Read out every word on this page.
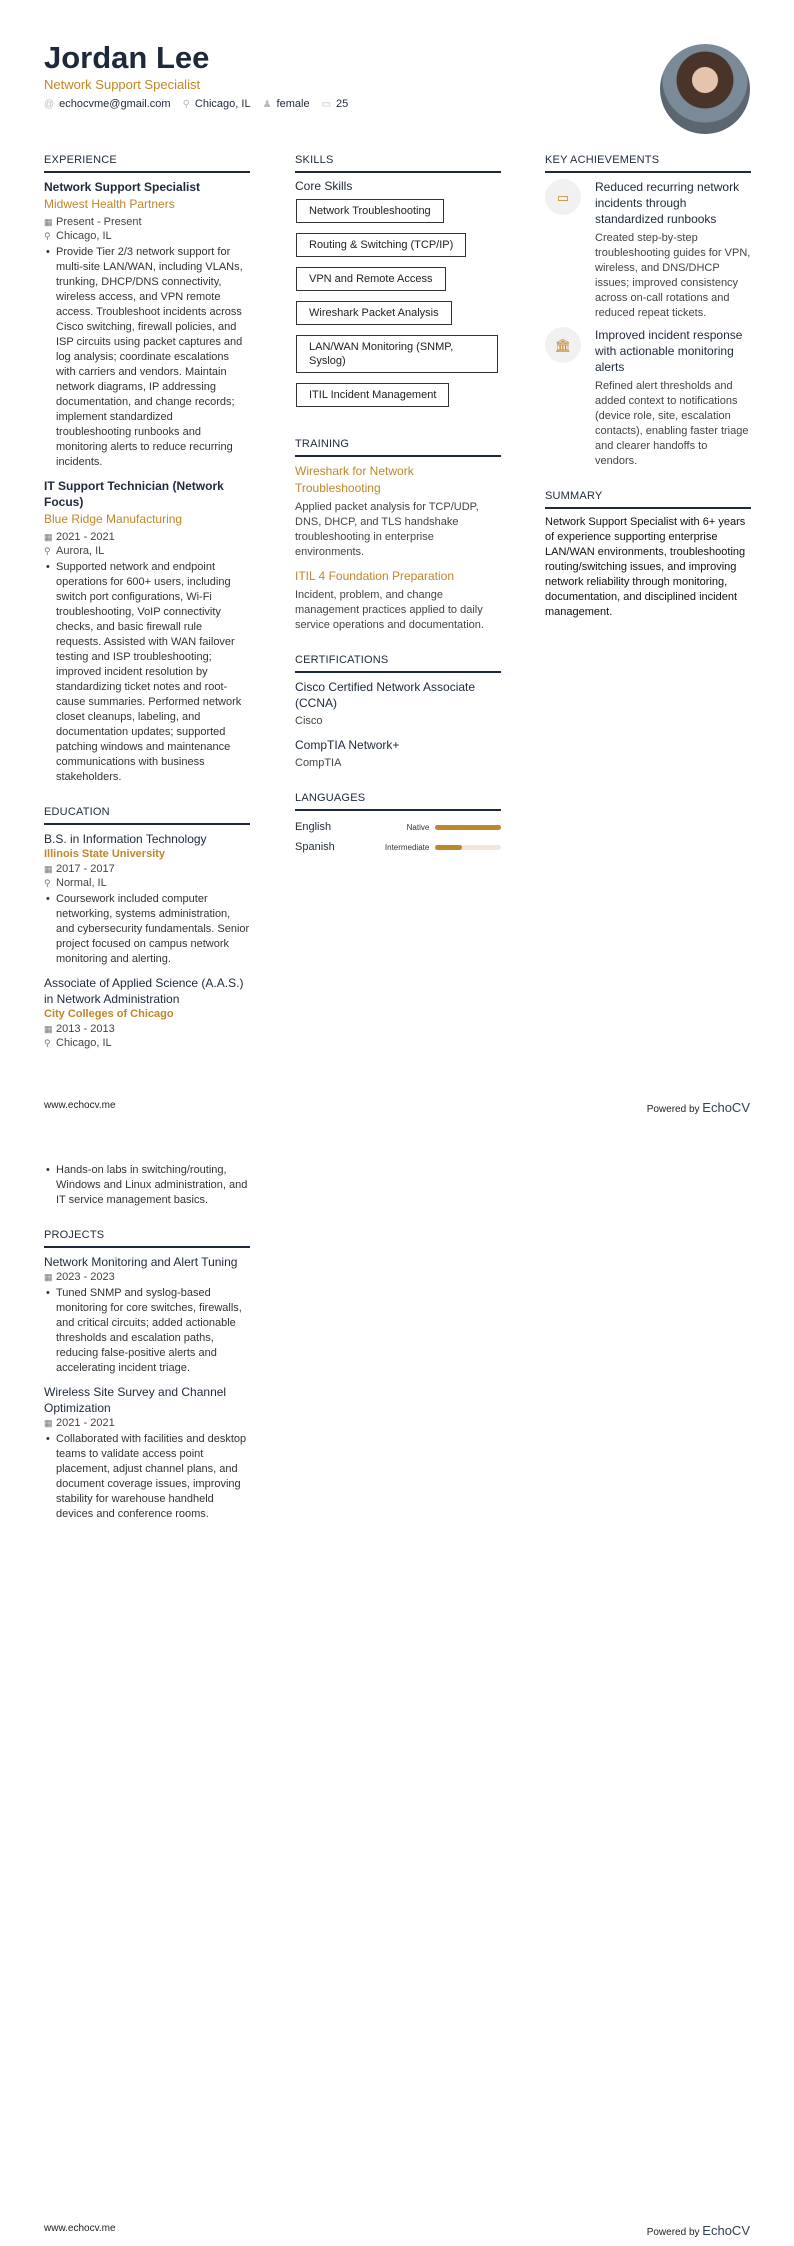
Jordan Lee
Network Support Specialist
@ echocvme@gmail.com ⚲ Chicago, IL ♟ female ▭ 25
EXPERIENCE
Network Support Specialist
Midwest Health Partners
▦ Present - Present
⚲ Chicago, IL
• Provide Tier 2/3 network support for multi-site LAN/WAN, including VLANs, trunking, DHCP/DNS connectivity, wireless access, and VPN remote access. Troubleshoot incidents across Cisco switching, firewall policies, and ISP circuits using packet captures and log analysis; coordinate escalations with carriers and vendors. Maintain network diagrams, IP addressing documentation, and change records; implement standardized troubleshooting runbooks and monitoring alerts to reduce recurring incidents.
IT Support Technician (Network Focus)
Blue Ridge Manufacturing
▦ 2021 - 2021
⚲ Aurora, IL
• Supported network and endpoint operations for 600+ users, including switch port configurations, Wi-Fi troubleshooting, VoIP connectivity checks, and basic firewall rule requests. Assisted with WAN failover testing and ISP troubleshooting; improved incident resolution by standardizing ticket notes and root-cause summaries. Performed network closet cleanups, labeling, and documentation updates; supported patching windows and maintenance communications with business stakeholders.
EDUCATION
B.S. in Information Technology
Illinois State University
▦ 2017 - 2017
⚲ Normal, IL
• Coursework included computer networking, systems administration, and cybersecurity fundamentals. Senior project focused on campus network monitoring and alerting.
Associate of Applied Science (A.A.S.) in Network Administration
City Colleges of Chicago
▦ 2013 - 2013
⚲ Chicago, IL
SKILLS
Core Skills
Network Troubleshooting
Routing & Switching (TCP/IP)
VPN and Remote Access
Wireshark Packet Analysis
LAN/WAN Monitoring (SNMP, Syslog)
ITIL Incident Management
TRAINING
Wireshark for Network Troubleshooting
Applied packet analysis for TCP/UDP, DNS, DHCP, and TLS handshake troubleshooting in enterprise environments.
ITIL 4 Foundation Preparation
Incident, problem, and change management practices applied to daily service operations and documentation.
CERTIFICATIONS
Cisco Certified Network Associate (CCNA)
Cisco
CompTIA Network+
CompTIA
LANGUAGES
English	Native
Spanish	Intermediate
KEY ACHIEVEMENTS
▭
Reduced recurring network incidents through standardized runbooks
Created step-by-step troubleshooting guides for VPN, wireless, and DNS/DHCP issues; improved consistency across on-call rotations and reduced repeat tickets.
🏛
Improved incident response with actionable monitoring alerts
Refined alert thresholds and added context to notifications (device role, site, escalation contacts), enabling faster triage and clearer handoffs to vendors.
SUMMARY
Network Support Specialist with 6+ years of experience supporting enterprise LAN/WAN environments, troubleshooting routing/switching issues, and improving network reliability through monitoring, documentation, and disciplined incident management.
www.echocv.me	Powered by EchoCV
• Hands-on labs in switching/routing, Windows and Linux administration, and IT service management basics.
PROJECTS
Network Monitoring and Alert Tuning
▦ 2023 - 2023
• Tuned SNMP and syslog-based monitoring for core switches, firewalls, and critical circuits; added actionable thresholds and escalation paths, reducing false-positive alerts and accelerating incident triage.
Wireless Site Survey and Channel Optimization
▦ 2021 - 2021
• Collaborated with facilities and desktop teams to validate access point placement, adjust channel plans, and document coverage issues, improving stability for warehouse handheld devices and conference rooms.
www.echocv.me	Powered by EchoCV
